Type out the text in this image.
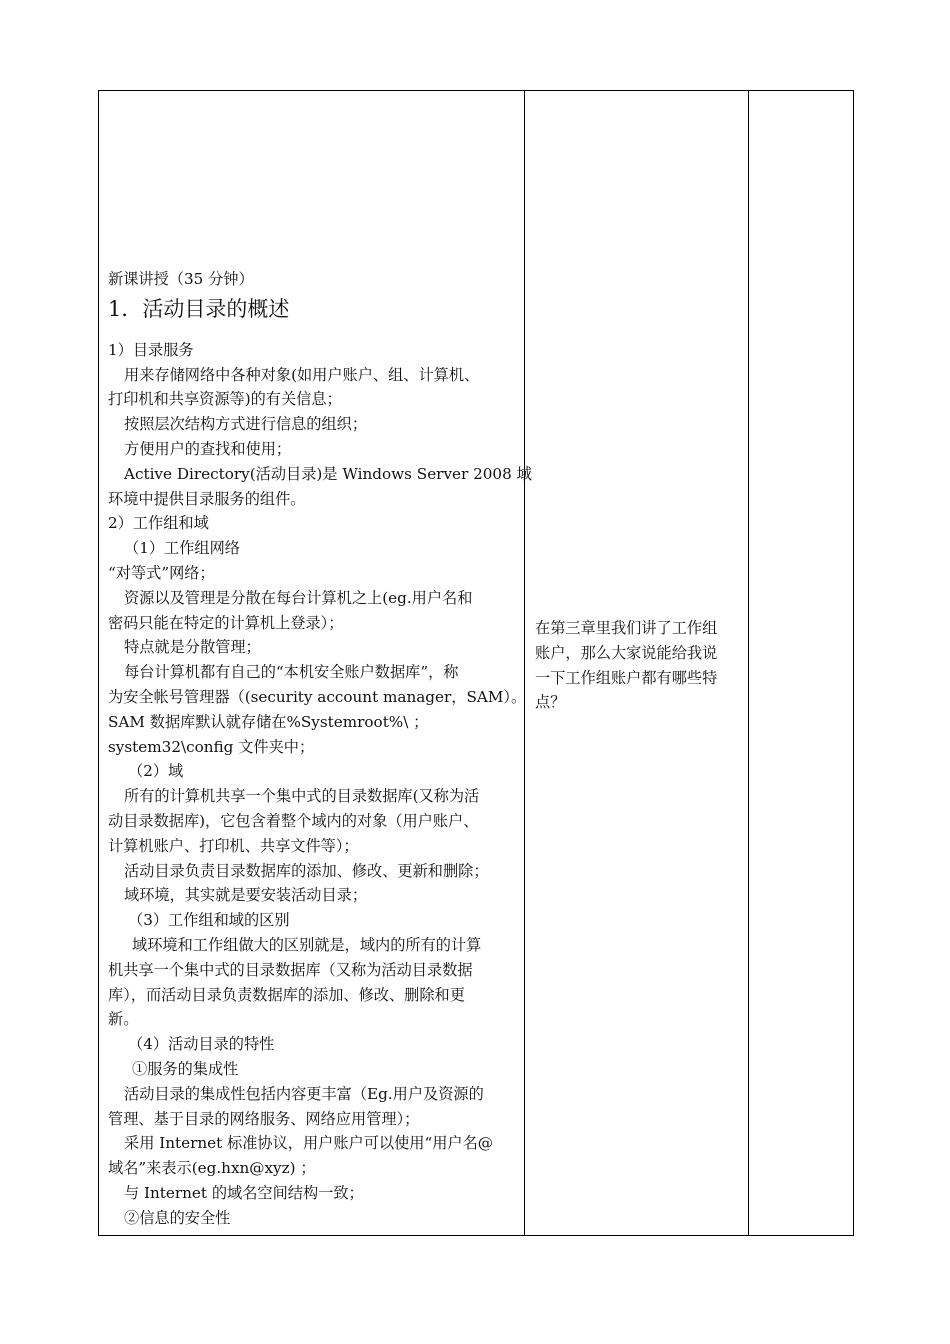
新课讲授（35 分钟）
1．活动目录的概述
1）目录服务
用来存储网络中各种对象(如用户账户、组、计算机、
打印机和共享资源等)的有关信息；
按照层次结构方式进行信息的组织；
方便用户的查找和使用；
Active Directory(活动目录)是 Windows Server 2008 域
环境中提供目录服务的组件。
2）工作组和域
（1）工作组网络
“对等式”网络；
资源以及管理是分散在每台计算机之上(eg.用户名和
密码只能在特定的计算机上登录）；
特点就是分散管理；
每台计算机都有自己的“本机安全账户数据库”，称
为安全帐号管理器（(security account manager，SAM）。
SAM 数据库默认就存储在%Systemroot%\ ；
system32\config 文件夹中；
（2）域
所有的计算机共享一个集中式的目录数据库(又称为活
动目录数据库)，它包含着整个域内的对象（用户账户、
计算机账户、打印机、共享文件等）；
活动目录负责目录数据库的添加、修改、更新和删除；
域环境，其实就是要安装活动目录；
（3）工作组和域的区别
域环境和工作组做大的区别就是，域内的所有的计算
机共享一个集中式的目录数据库（又称为活动目录数据
库），而活动目录负责数据库的添加、修改、删除和更
新。
（4）活动目录的特性
①服务的集成性
活动目录的集成性包括内容更丰富（Eg.用户及资源的
管理、基于目录的网络服务、网络应用管理）；
采用 Internet 标准协议，用户账户可以使用“用户名@
域名”来表示(eg.hxn@xyz) ；
与 Internet 的域名空间结构一致；
②信息的安全性

在第三章里我们讲了工作组
账户，那么大家说能给我说
一下工作组账户都有哪些特
点？
